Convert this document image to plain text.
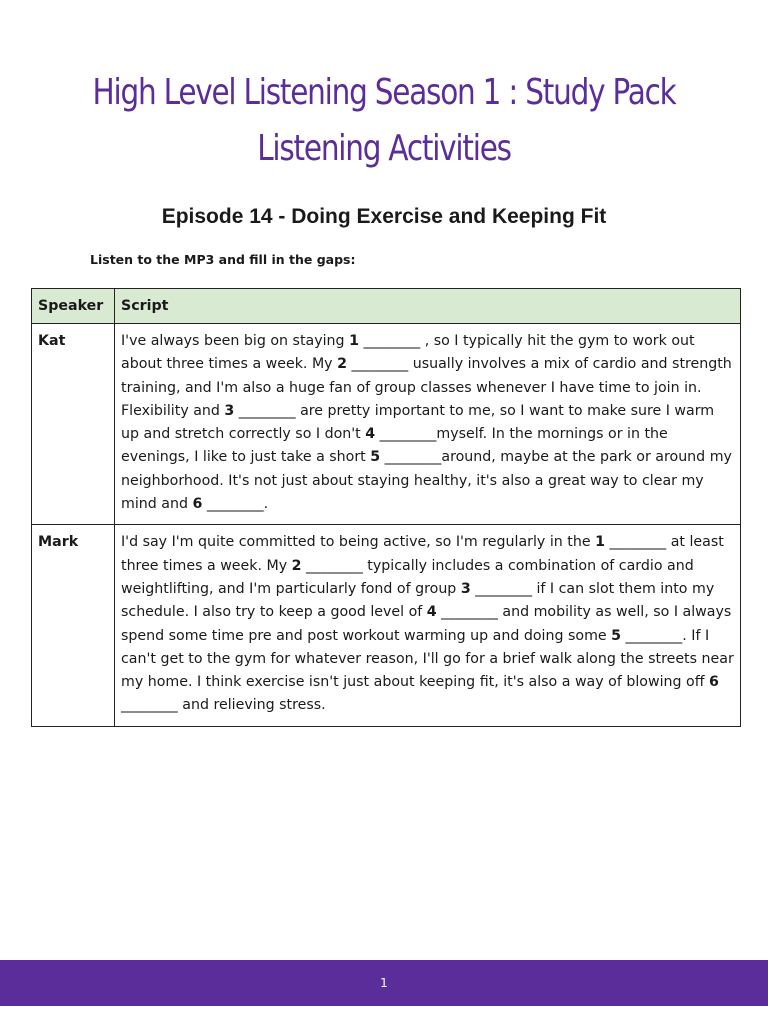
High Level Listening Season 1 : Study Pack
Listening Activities
Episode 14 - Doing Exercise and Keeping Fit
Listen to the MP3 and fill in the gaps:
Speaker	Script
Kat	I've always been big on staying 1 ________ , so I typically hit the gym to work out about three times a week. My 2 ________ usually involves a mix of cardio and strength training, and I'm also a huge fan of group classes whenever I have time to join in. Flexibility and 3 ________ are pretty important to me, so I want to make sure I warm up and stretch correctly so I don't 4 ________myself. In the mornings or in the evenings, I like to just take a short 5 ________around, maybe at the park or around my neighborhood. It's not just about staying healthy, it's also a great way to clear my mind and 6 ________.
Mark	I'd say I'm quite committed to being active, so I'm regularly in the 1 ________ at least three times a week. My 2 ________ typically includes a combination of cardio and weightlifting, and I'm particularly fond of group 3 ________ if I can slot them into my schedule. I also try to keep a good level of 4 ________ and mobility as well, so I always spend some time pre and post workout warming up and doing some 5 ________. If I can't get to the gym for whatever reason, I'll go for a brief walk along the streets near my home. I think exercise isn't just about keeping fit, it's also a way of blowing off 6 ________ and relieving stress.
1
